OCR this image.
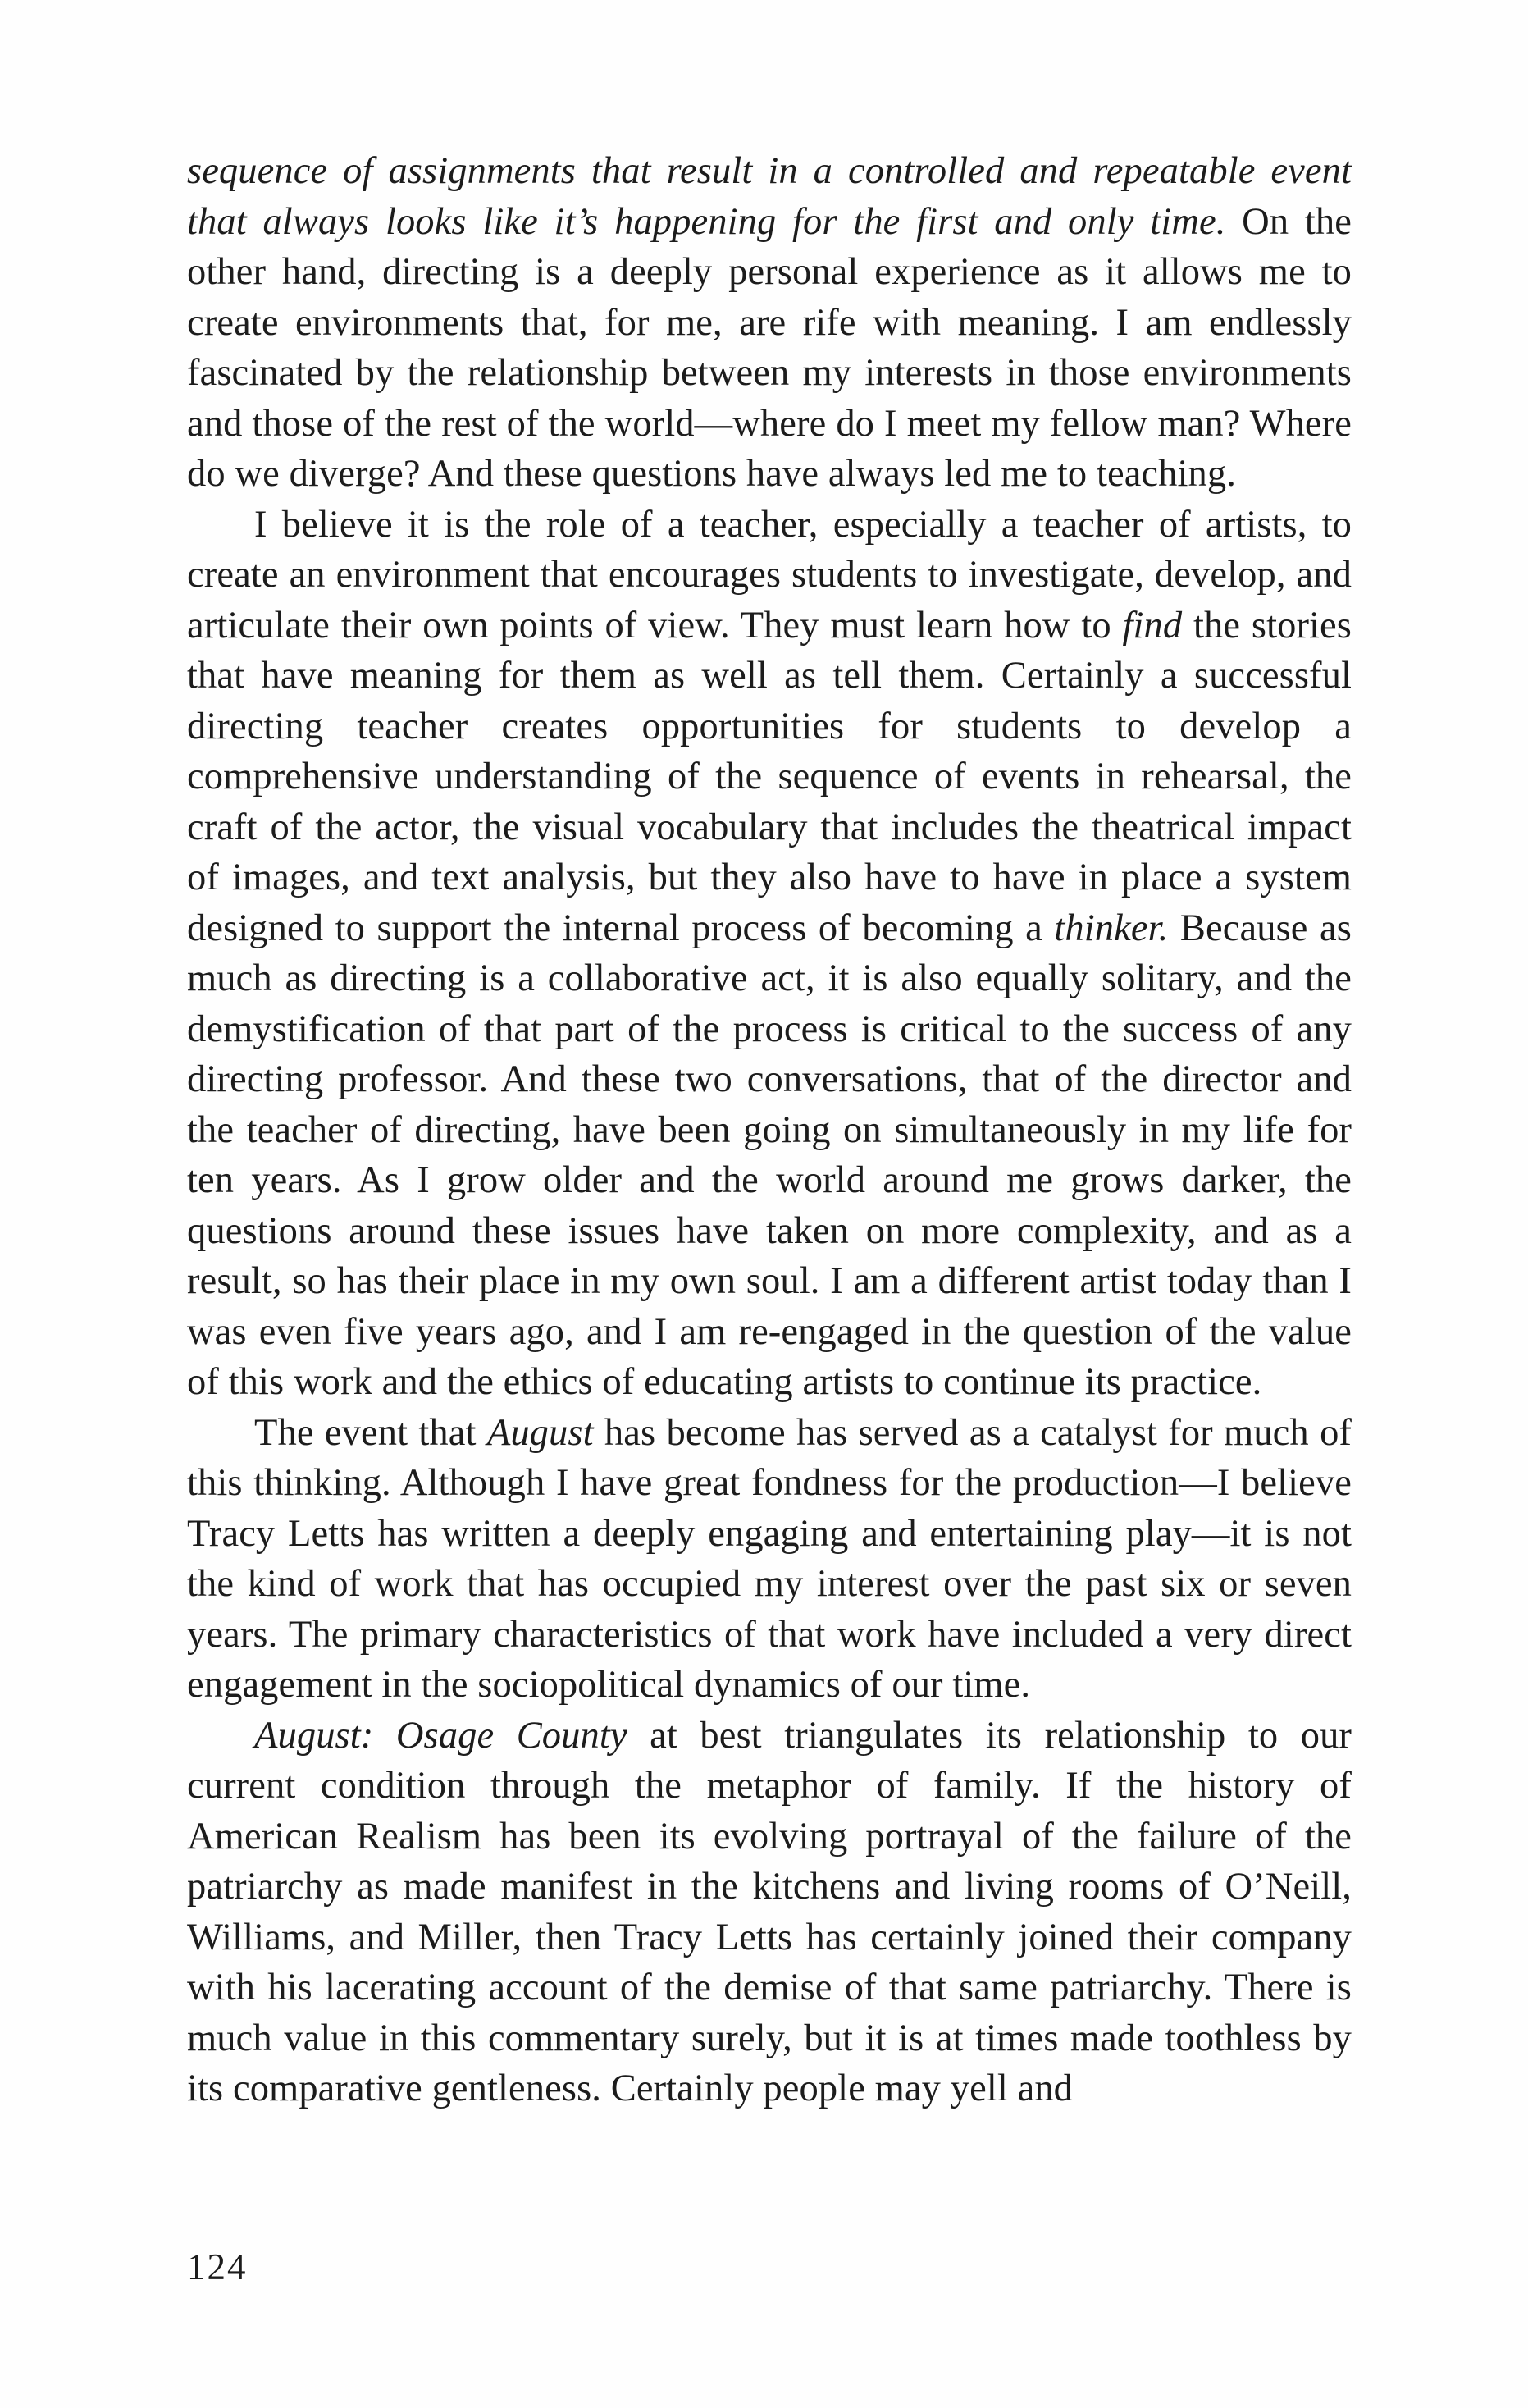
sequence of assignments that result in a controlled and repeatable event that always looks like it’s happening for the first and only time. On the other hand, directing is a deeply personal experience as it allows me to create environments that, for me, are rife with meaning. I am endlessly fascinated by the relationship between my interests in those environments and those of the rest of the world—where do I meet my fellow man? Where do we diverge? And these questions have always led me to teaching.

I believe it is the role of a teacher, especially a teacher of artists, to create an environment that encourages students to investigate, develop, and articulate their own points of view. They must learn how to find the stories that have meaning for them as well as tell them. Certainly a successful directing teacher creates opportunities for students to develop a comprehensive understanding of the sequence of events in rehearsal, the craft of the actor, the visual vocabulary that includes the theatrical impact of images, and text analysis, but they also have to have in place a system designed to support the internal process of becoming a thinker. Because as much as directing is a collaborative act, it is also equally solitary, and the demystification of that part of the process is critical to the success of any directing professor. And these two conversations, that of the director and the teacher of directing, have been going on simultaneously in my life for ten years. As I grow older and the world around me grows darker, the questions around these issues have taken on more complexity, and as a result, so has their place in my own soul. I am a different artist today than I was even five years ago, and I am re-engaged in the question of the value of this work and the ethics of educating artists to continue its practice.

The event that August has become has served as a catalyst for much of this thinking. Although I have great fondness for the production—I believe Tracy Letts has written a deeply engaging and entertaining play—it is not the kind of work that has occupied my interest over the past six or seven years. The primary characteristics of that work have included a very direct engagement in the sociopolitical dynamics of our time.

August: Osage County at best triangulates its relationship to our current condition through the metaphor of family. If the history of American Realism has been its evolving portrayal of the failure of the patriarchy as made manifest in the kitchens and living rooms of O’Neill, Williams, and Miller, then Tracy Letts has certainly joined their company with his lacerating account of the demise of that same patriarchy. There is much value in this commentary surely, but it is at times made toothless by its comparative gentleness. Certainly people may yell and

124
